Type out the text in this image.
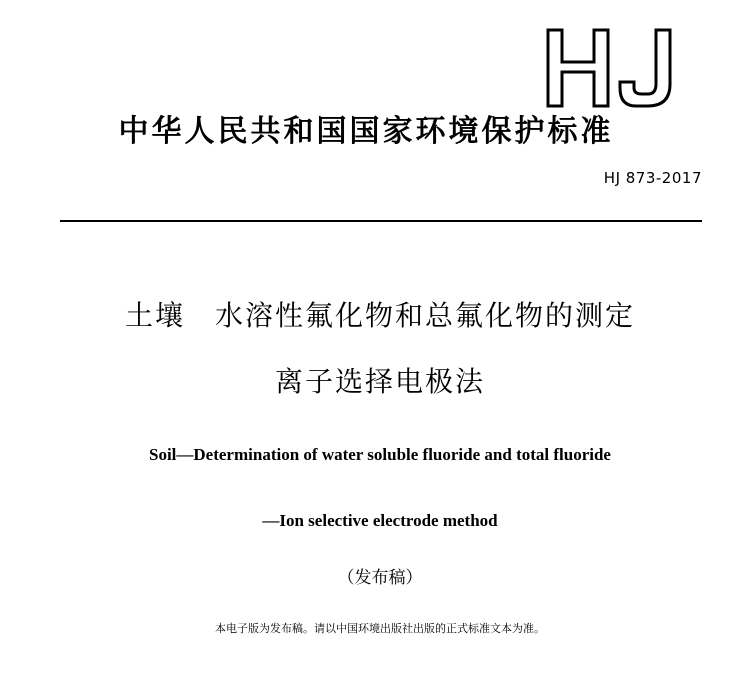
中华人民共和国国家环境保护标准
HJ 873-2017
土壤　水溶性氟化物和总氟化物的测定
离子选择电极法
Soil—Determination of water soluble fluoride and total fluoride
—Ion selective electrode method
（发布稿）
本电子版为发布稿。请以中国环境出版社出版的正式标准文本为准。
